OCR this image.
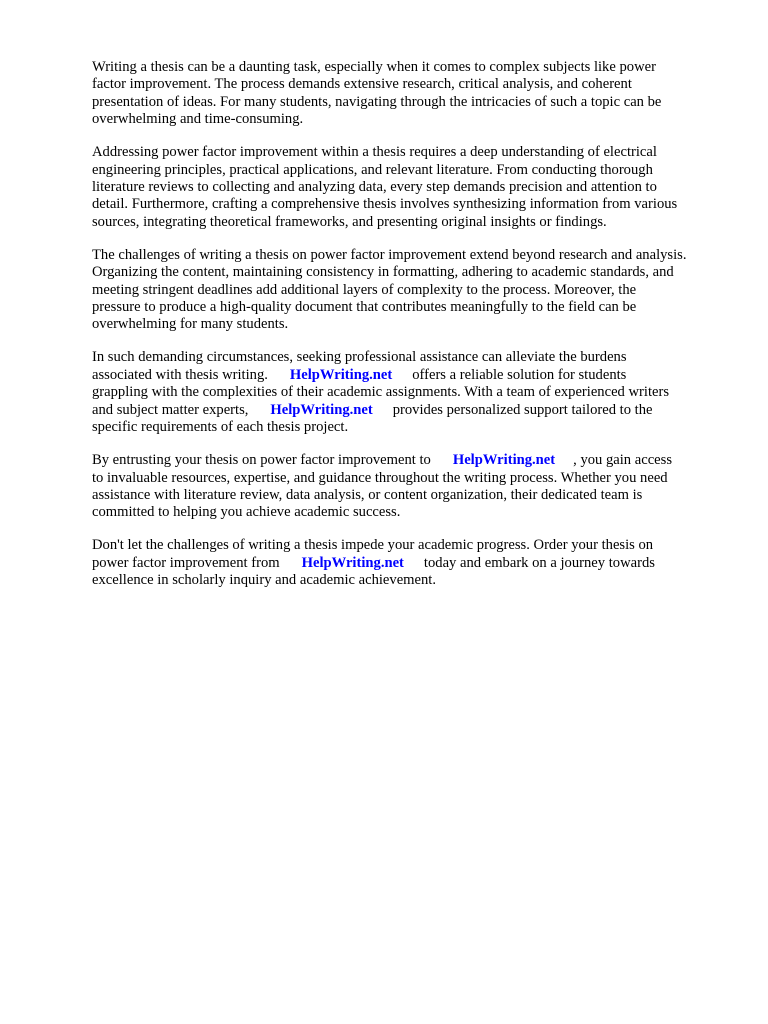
Writing a thesis can be a daunting task, especially when it comes to complex subjects like power
factor improvement. The process demands extensive research, critical analysis, and coherent
presentation of ideas. For many students, navigating through the intricacies of such a topic can be
overwhelming and time-consuming.

Addressing power factor improvement within a thesis requires a deep understanding of electrical
engineering principles, practical applications, and relevant literature. From conducting thorough
literature reviews to collecting and analyzing data, every step demands precision and attention to
detail. Furthermore, crafting a comprehensive thesis involves synthesizing information from various
sources, integrating theoretical frameworks, and presenting original insights or findings.

The challenges of writing a thesis on power factor improvement extend beyond research and analysis.
Organizing the content, maintaining consistency in formatting, adhering to academic standards, and
meeting stringent deadlines add additional layers of complexity to the process. Moreover, the
pressure to produce a high-quality document that contributes meaningfully to the field can be
overwhelming for many students.

In such demanding circumstances, seeking professional assistance can alleviate the burdens
associated with thesis writing. HelpWriting.net offers a reliable solution for students
grappling with the complexities of their academic assignments. With a team of experienced writers
and subject matter experts, HelpWriting.net provides personalized support tailored to the
specific requirements of each thesis project.

By entrusting your thesis on power factor improvement to HelpWriting.net , you gain access
to invaluable resources, expertise, and guidance throughout the writing process. Whether you need
assistance with literature review, data analysis, or content organization, their dedicated team is
committed to helping you achieve academic success.

Don't let the challenges of writing a thesis impede your academic progress. Order your thesis on
power factor improvement from HelpWriting.net today and embark on a journey towards
excellence in scholarly inquiry and academic achievement.
